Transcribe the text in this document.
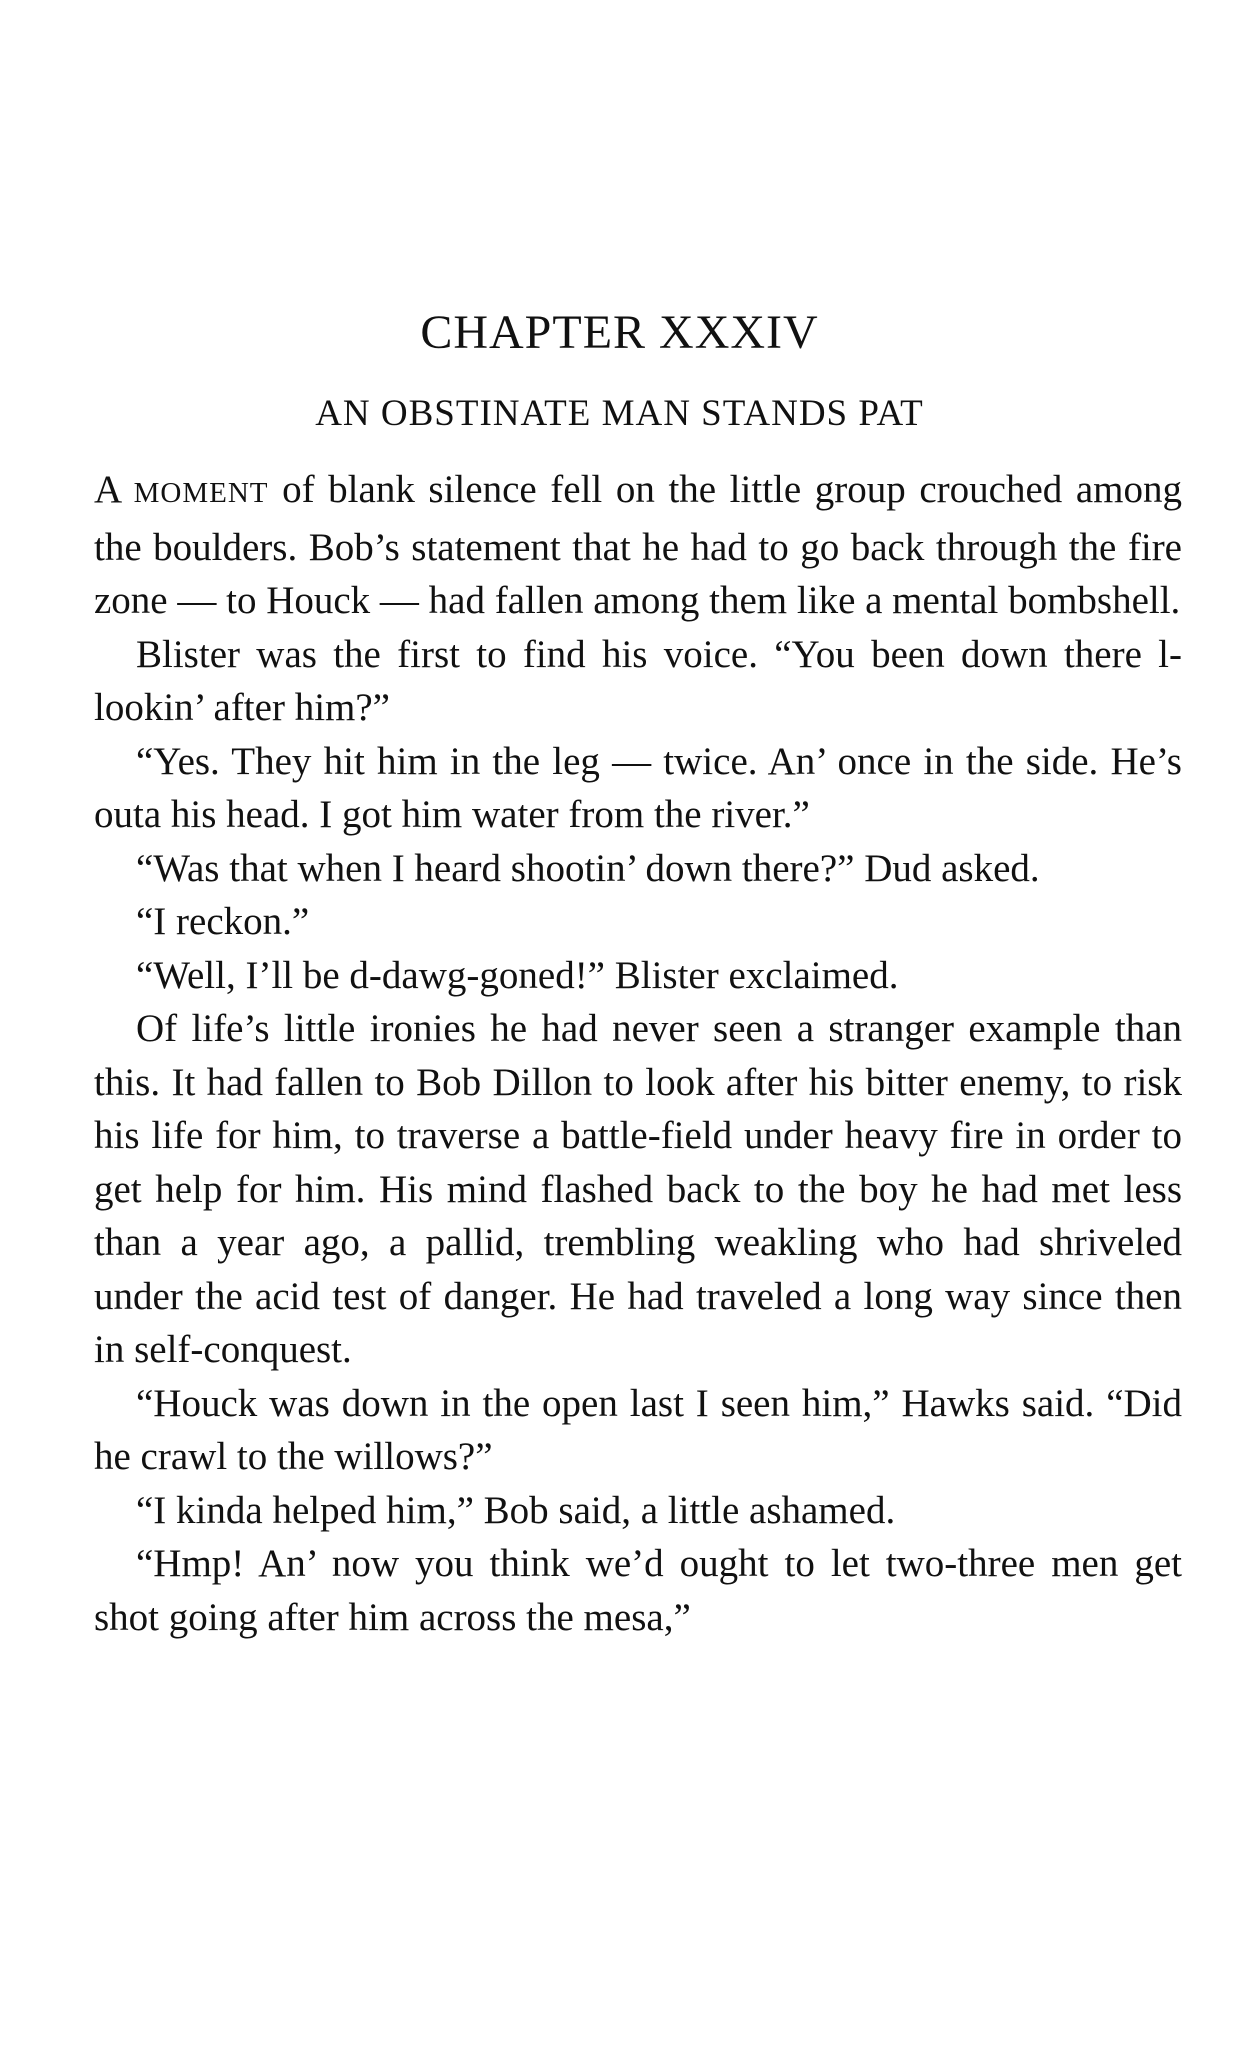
CHAPTER XXXIV
AN OBSTINATE MAN STANDS PAT

A MOMENT of blank silence fell on the little group crouched among the boulders. Bob’s statement that he had to go back through the fire zone — to Houck — had fallen among them like a mental bombshell.

Blister was the first to find his voice. “You been down there l-lookin’ after him?”

“Yes. They hit him in the leg — twice. An’ once in the side. He’s outa his head. I got him water from the river.”

“Was that when I heard shootin’ down there?” Dud asked.

“I reckon.”

“Well, I’ll be d-dawg-goned!” Blister exclaimed.

Of life’s little ironies he had never seen a stranger example than this. It had fallen to Bob Dillon to look after his bitter enemy, to risk his life for him, to traverse a battle-field under heavy fire in order to get help for him. His mind flashed back to the boy he had met less than a year ago, a pallid, trembling weakling who had shriveled under the acid test of danger. He had traveled a long way since then in self-conquest.

“Houck was down in the open last I seen him,” Hawks said. “Did he crawl to the willows?”

“I kinda helped him,” Bob said, a little ashamed.

“Hmp! An’ now you think we’d ought to let two-three men get shot going after him across the mesa,”
